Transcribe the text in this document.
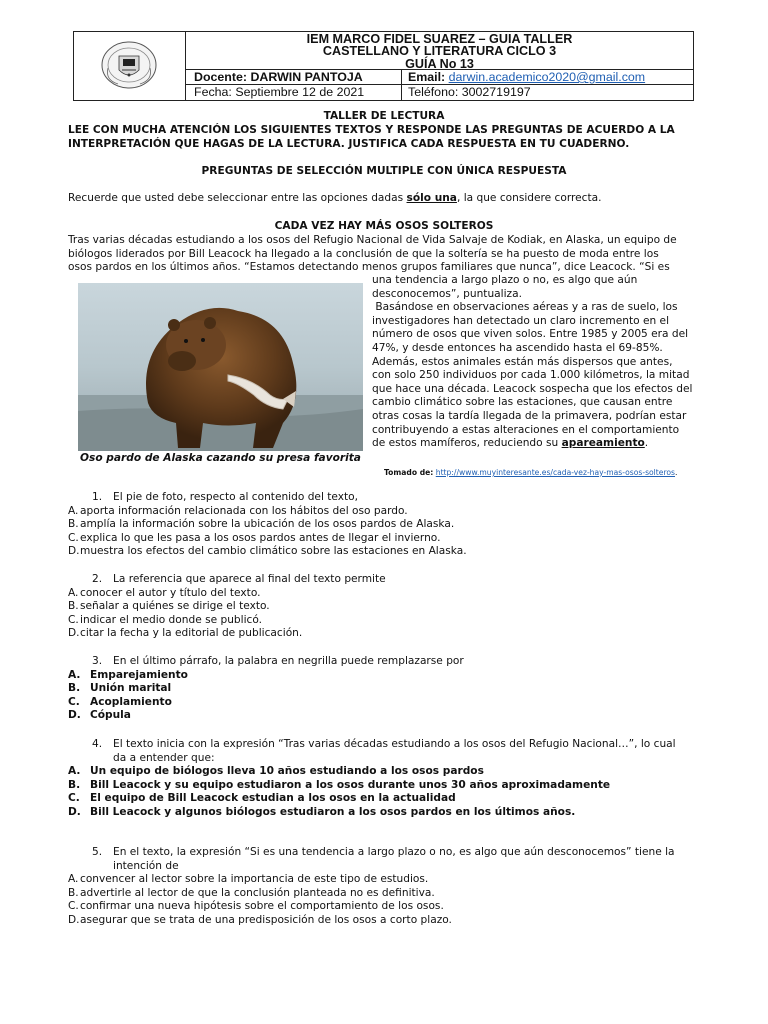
IEM MARCO FIDEL SUAREZ – GUIA TALLER
CASTELLANO Y LITERATURA CICLO 3
GUÍA No 13
Docente: DARWIN PANTOJA	Email: darwin.academico2020@gmail.com
Fecha: Septiembre 12 de 2021	Teléfono: 3002719197
TALLER DE LECTURA
LEE CON MUCHA ATENCIÓN LOS SIGUIENTES TEXTOS Y RESPONDE LAS PREGUNTAS DE ACUERDO A LA
INTERPRETACIÓN QUE HAGAS DE LA LECTURA. JUSTIFICA CADA RESPUESTA EN TU CUADERNO.
PREGUNTAS DE SELECCIÓN MULTIPLE CON ÚNICA RESPUESTA
Recuerde que usted debe seleccionar entre las opciones dadas sólo una, la que considere correcta.
CADA VEZ HAY MÁS OSOS SOLTEROS
Tras varias décadas estudiando a los osos del Refugio Nacional de Vida Salvaje de Kodiak, en Alaska, un equipo de
biólogos liderados por Bill Leacock ha llegado a la conclusión de que la soltería se ha puesto de moda entre los
osos pardos en los últimos años. “Estamos detectando menos grupos familiares que nunca”, dice Leacock. “Si es
Oso pardo de Alaska cazando su presa favorita
una tendencia a largo plazo o no, es algo que aún
desconocemos”, puntualiza.
Basándose en observaciones aéreas y a ras de suelo, los
investigadores han detectado un claro incremento en el
número de osos que viven solos. Entre 1985 y 2005 era del
47%, y desde entonces ha ascendido hasta el 69-85%.
Además, estos animales están más dispersos que antes,
con solo 250 individuos por cada 1.000 kilómetros, la mitad
que hace una década. Leacock sospecha que los efectos del
cambio climático sobre las estaciones, que causan entre
otras cosas la tardía llegada de la primavera, podrían estar
contribuyendo a estas alteraciones en el comportamiento
de estos mamíferos, reduciendo su apareamiento.
Tomado de: http://www.muyinteresante.es/cada-vez-hay-mas-osos-solteros.
1. El pie de foto, respecto al contenido del texto,
A. aporta información relacionada con los hábitos del oso pardo.
B.amplía la información sobre la ubicación de los osos pardos de Alaska.
C.explica lo que les pasa a los osos pardos antes de llegar el invierno.
D.muestra los efectos del cambio climático sobre las estaciones en Alaska.
2. La referencia que aparece al final del texto permite
A. conocer el autor y título del texto.
B.señalar a quiénes se dirige el texto.
C.indicar el medio donde se publicó.
D.citar la fecha y la editorial de publicación.
3. En el último párrafo, la palabra en negrilla puede remplazarse por
A. Emparejamiento
B. Unión marital
C. Acoplamiento
D. Cópula
4. El texto inicia con la expresión “Tras varias décadas estudiando a los osos del Refugio Nacional…”, lo cual
da a entender que:
A. Un equipo de biólogos lleva 10 años estudiando a los osos pardos
B. Bill Leacock y su equipo estudiaron a los osos durante unos 30 años aproximadamente
C. El equipo de Bill Leacock estudian a los osos en la actualidad
D. Bill Leacock y algunos biólogos estudiaron a los osos pardos en los últimos años.
5. En el texto, la expresión “Si es una tendencia a largo plazo o no, es algo que aún desconocemos” tiene la
intención de
A. convencer al lector sobre la importancia de este tipo de estudios.
B.advertirle al lector de que la conclusión planteada no es definitiva.
C.confirmar una nueva hipótesis sobre el comportamiento de los osos.
D.asegurar que se trata de una predisposición de los osos a corto plazo.
